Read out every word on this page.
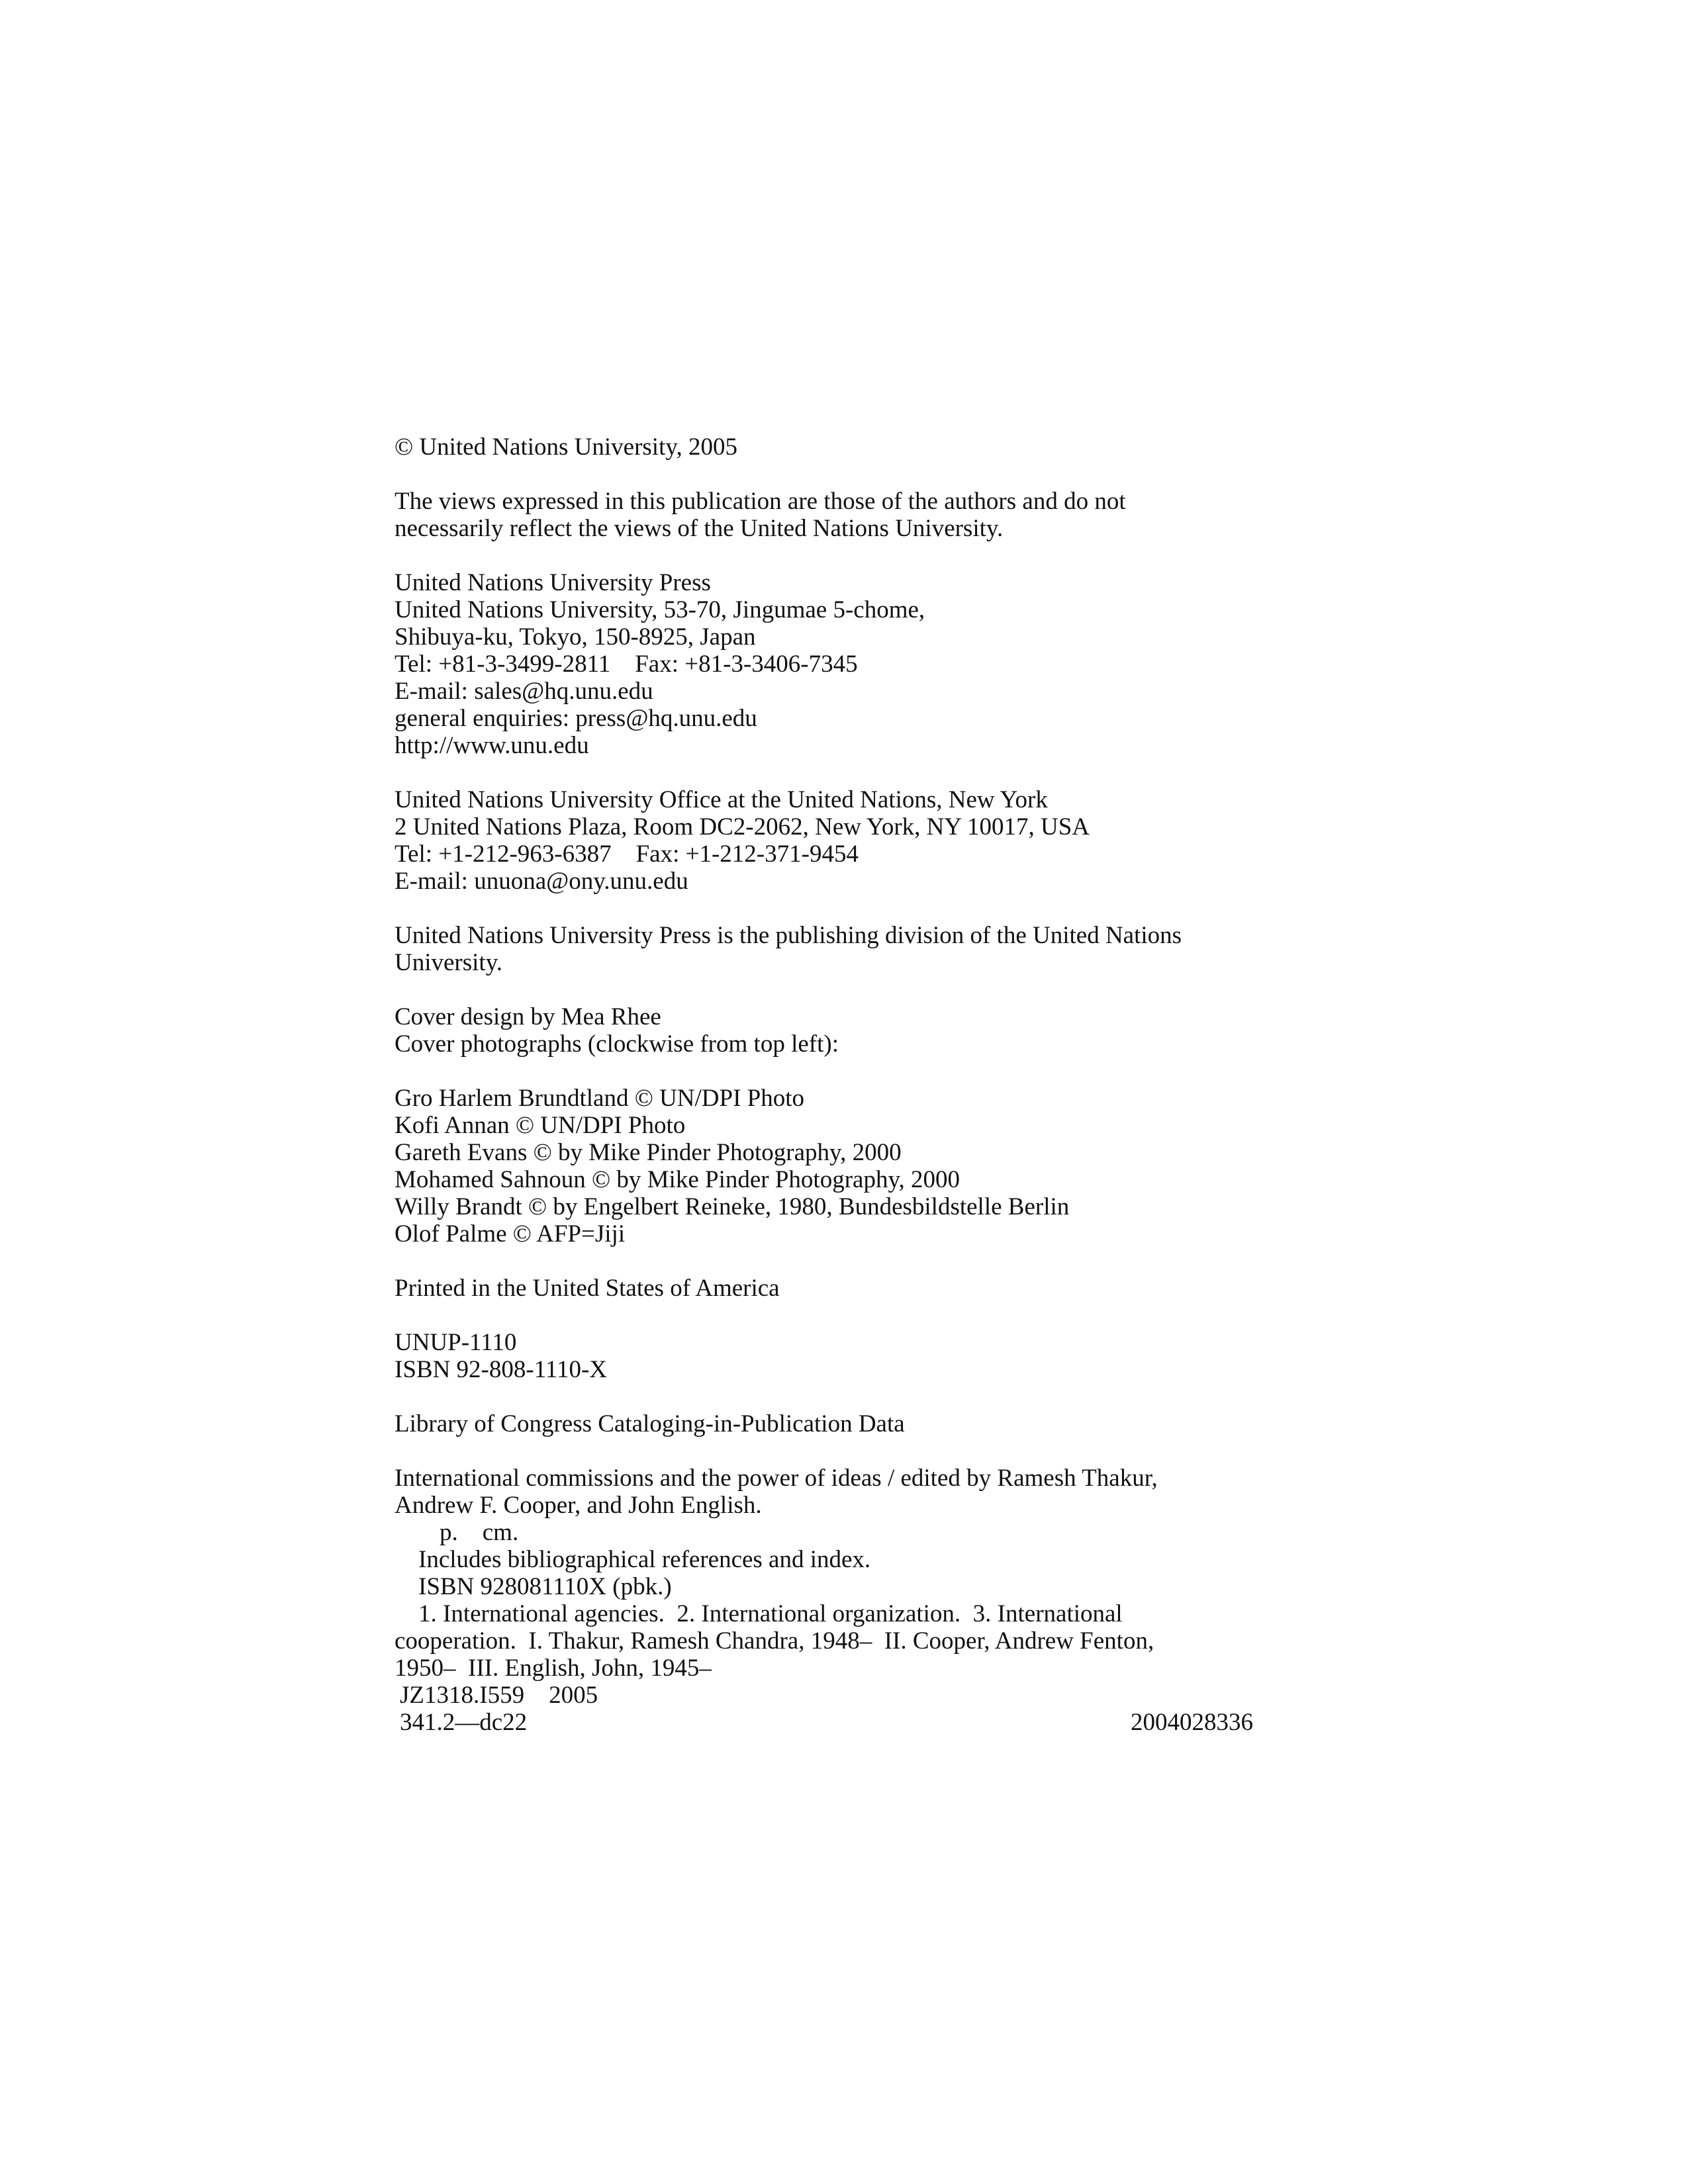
© United Nations University, 2005
The views expressed in this publication are those of the authors and do not
necessarily reflect the views of the United Nations University.
United Nations University Press
United Nations University, 53-70, Jingumae 5-chome,
Shibuya-ku, Tokyo, 150-8925, Japan
Tel: +81-3-3499-2811    Fax: +81-3-3406-7345
E-mail: sales@hq.unu.edu
general enquiries: press@hq.unu.edu
http://www.unu.edu
United Nations University Office at the United Nations, New York
2 United Nations Plaza, Room DC2-2062, New York, NY 10017, USA
Tel: +1-212-963-6387    Fax: +1-212-371-9454
E-mail: unuona@ony.unu.edu
United Nations University Press is the publishing division of the United Nations
University.
Cover design by Mea Rhee
Cover photographs (clockwise from top left):
Gro Harlem Brundtland © UN/DPI Photo
Kofi Annan © UN/DPI Photo
Gareth Evans © by Mike Pinder Photography, 2000
Mohamed Sahnoun © by Mike Pinder Photography, 2000
Willy Brandt © by Engelbert Reineke, 1980, Bundesbildstelle Berlin
Olof Palme © AFP=Jiji
Printed in the United States of America
UNUP-1110
ISBN 92-808-1110-X
Library of Congress Cataloging-in-Publication Data
International commissions and the power of ideas / edited by Ramesh Thakur,
Andrew F. Cooper, and John English.
p.    cm.
Includes bibliographical references and index.
ISBN 928081110X (pbk.)
1. International agencies.  2. International organization.  3. International
cooperation.  I. Thakur, Ramesh Chandra, 1948–  II. Cooper, Andrew Fenton,
1950–  III. English, John, 1945–
JZ1318.I559    2005
341.2—dc22	2004028336
